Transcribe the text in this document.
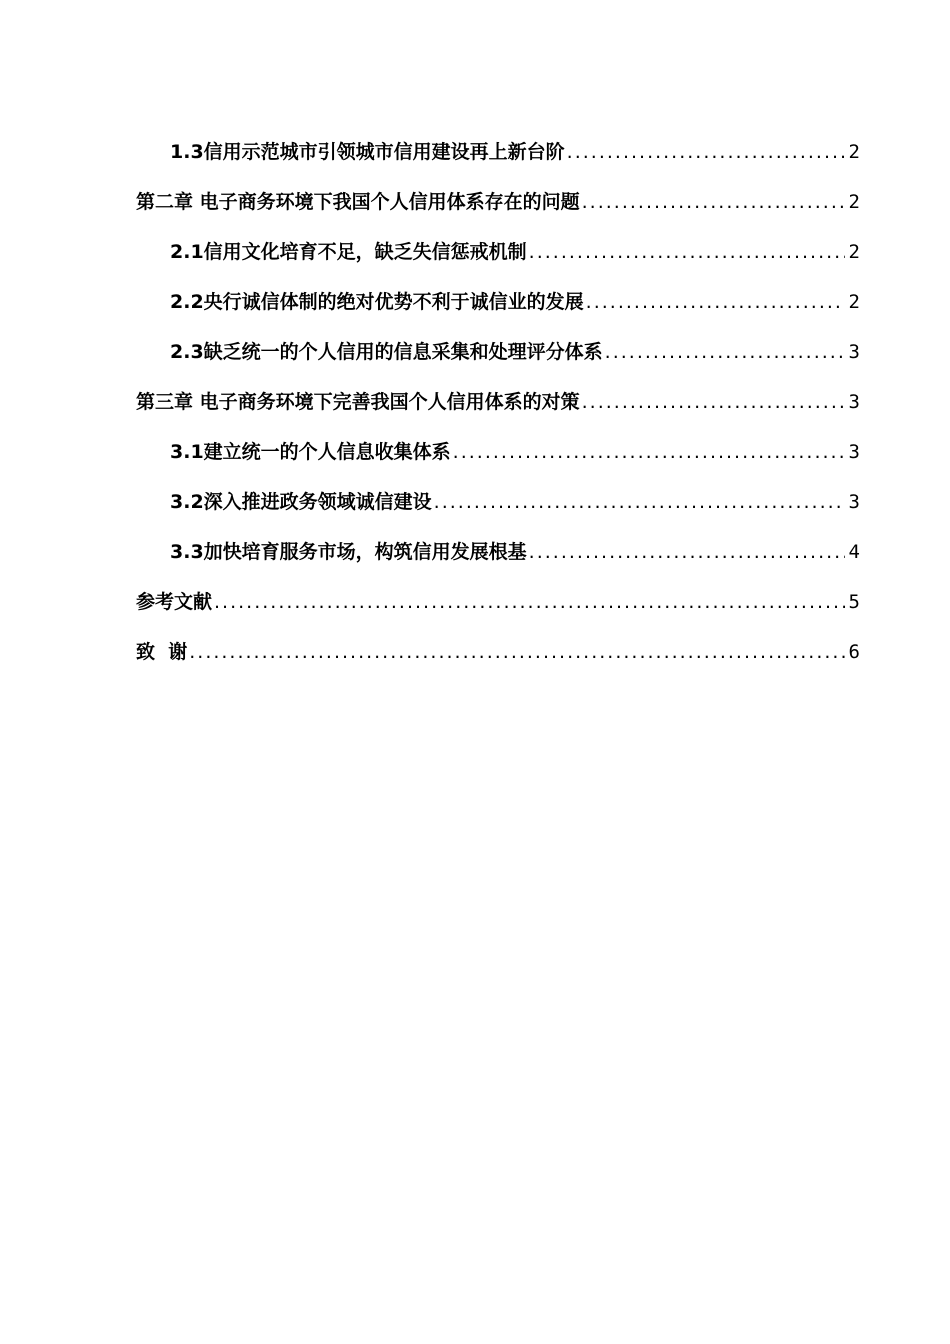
1.3信用示范城市引领城市信用建设再上新台阶 .....	2
第二章 电子商务环境下我国个人信用体系存在的问题 .....	2
2.1信用文化培育不足，缺乏失信惩戒机制 .....	2
2.2央行诚信体制的绝对优势不利于诚信业的发展 .....	2
2.3缺乏统一的个人信用的信息采集和处理评分体系 .....	3
第三章 电子商务环境下完善我国个人信用体系的对策 .....	3
3.1建立统一的个人信息收集体系 .....	3
3.2深入推进政务领域诚信建设 .....	3
3.3加快培育服务市场，构筑信用发展根基 .....	4
参考文献 .....	5
致  谢 .....	6
